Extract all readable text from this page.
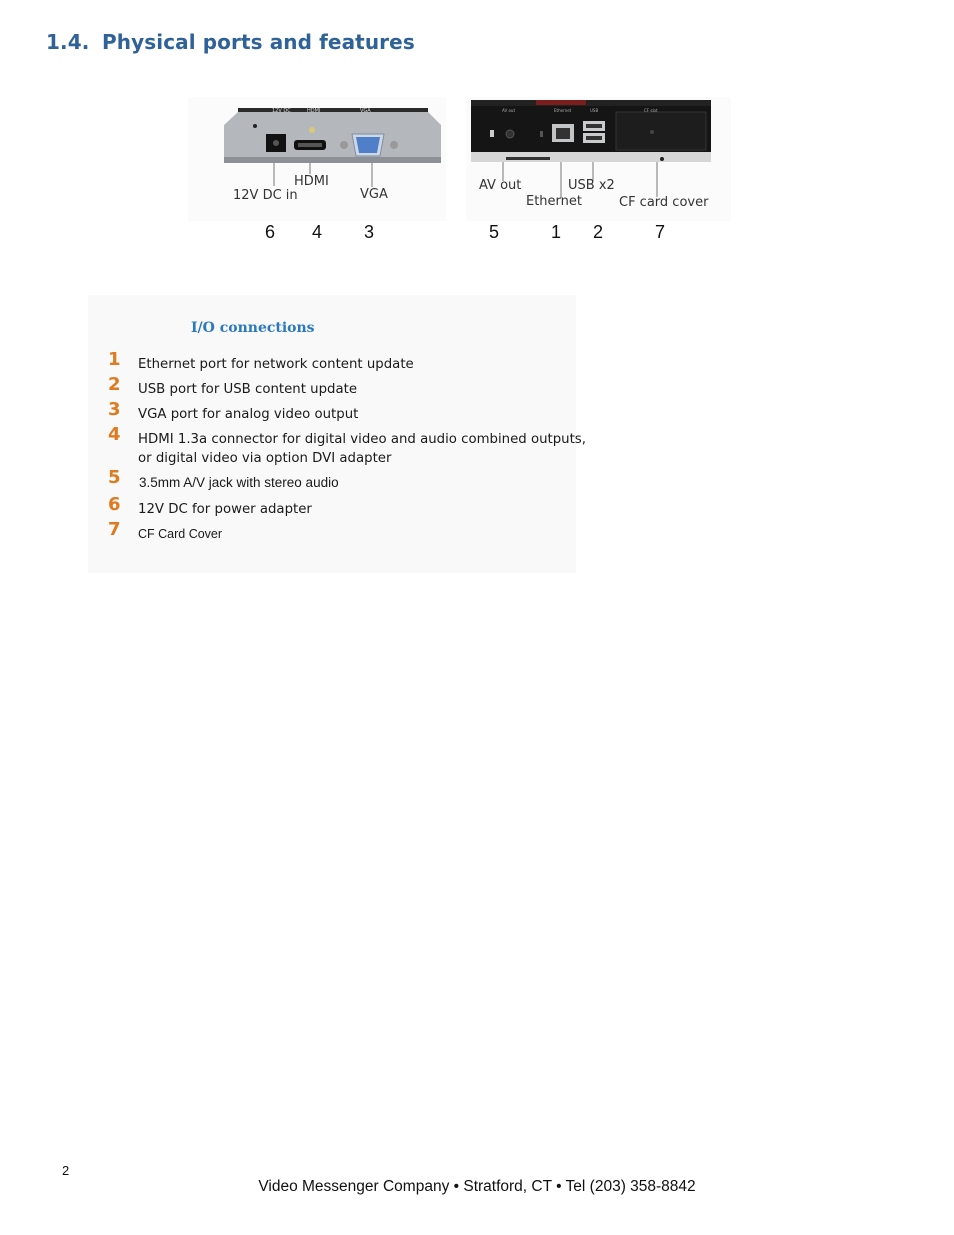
1.4. Physical ports and features
12V DC	HDMI	VGA
HDMI
12V DC in	VGA
6 4 3
AV out	Ethernet	USB	CF slot
AV out	USB x2
Ethernet	CF card cover
5	1 2	7
I/O connections
1	Ethernet port for network content update
2	USB port for USB content update
3	VGA port for analog video output
4	HDMI 1.3a connector for digital video and audio combined outputs,
or digital video via option DVI adapter
5	3.5mm A/V jack with stereo audio
6	12V DC for power adapter
7	CF Card Cover
2
Video Messenger Company • Stratford, CT • Tel (203) 358-8842
